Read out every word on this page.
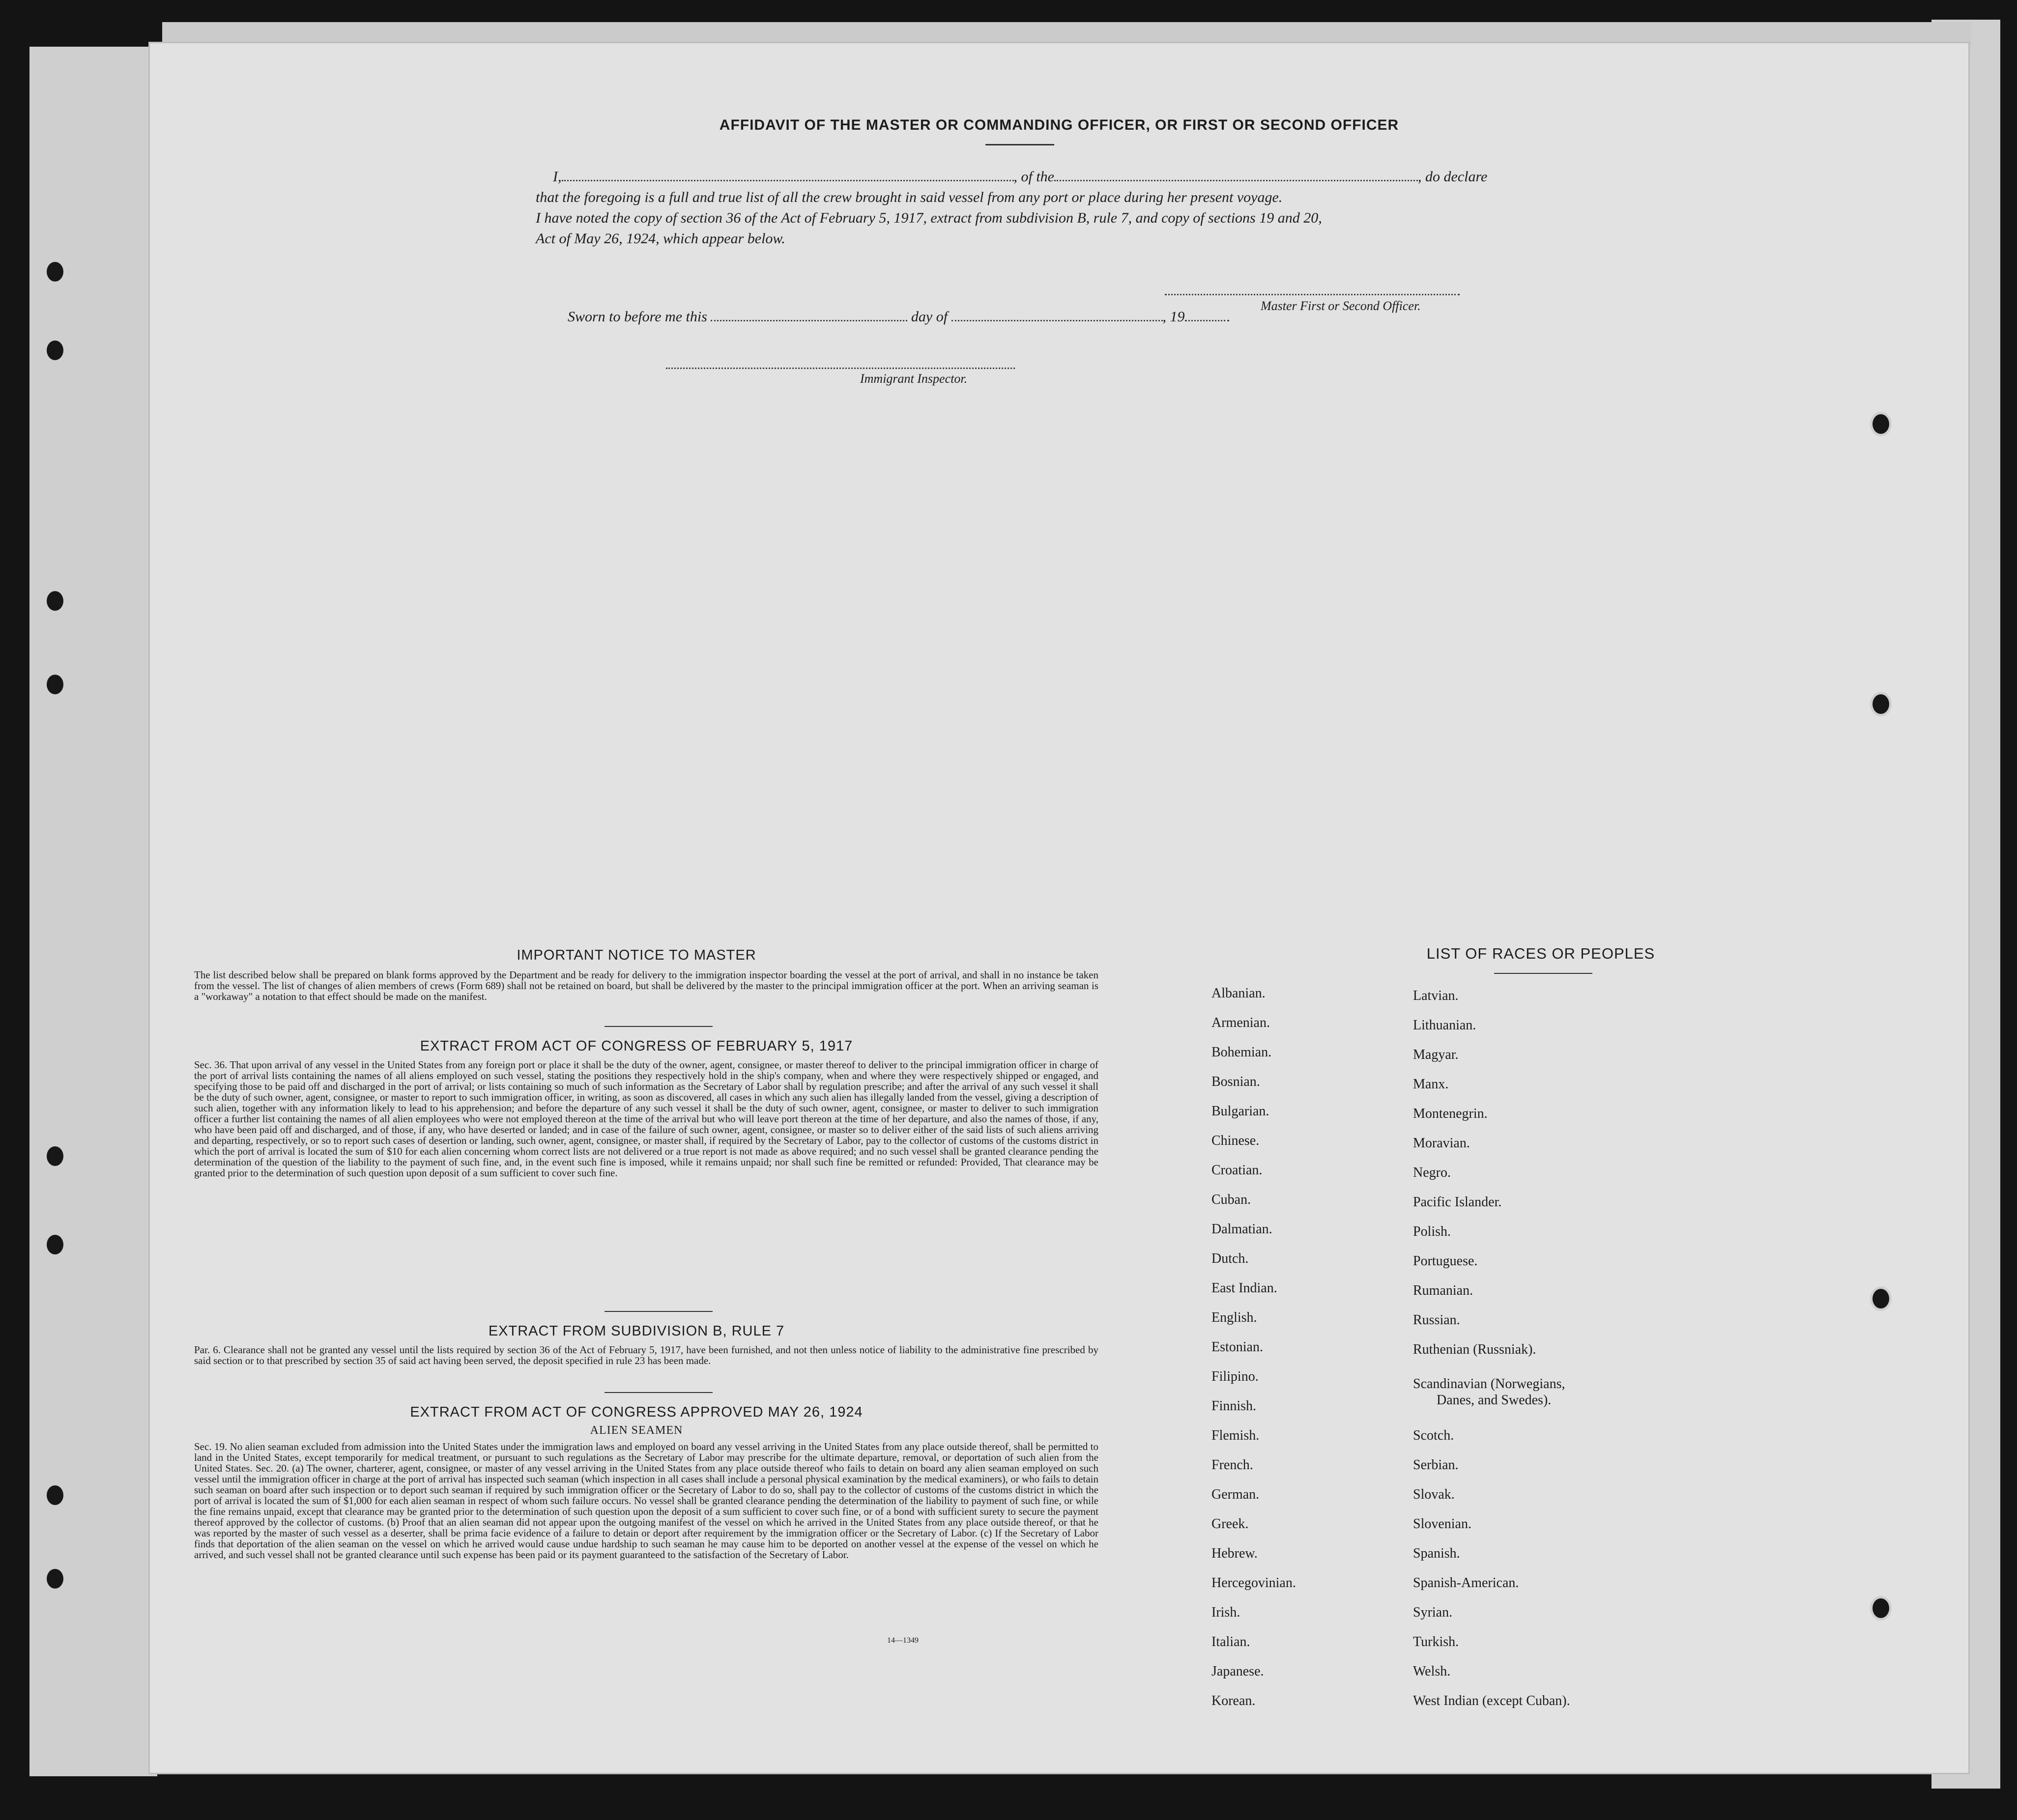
AFFIDAVIT OF THE MASTER OR COMMANDING OFFICER, OR FIRST OR SECOND OFFICER
I,	, of the	, do declare
that the foregoing is a full and true list of all the crew brought in said vessel from any port or place during her present voyage.
I have noted the copy of section 36 of the Act of February 5, 1917, extract from subdivision B, rule 7, and copy of sections 19 and 20,
Act of May 26, 1924, which appear below.
Master First or Second Officer.
Sworn to before me this	day of	, 19
Immigrant Inspector.
IMPORTANT NOTICE TO MASTER
The list described below shall be prepared on blank forms approved by the Department and be ready for delivery to the immigration inspector boarding the vessel at the port of arrival, and shall in no instance be taken from the vessel. The list of changes of alien members of crews (Form 689) shall not be retained on board, but shall be delivered by the master to the principal immigration officer at the port. When an arriving seaman is a "workaway" a notation to that effect should be made on the manifest.
EXTRACT FROM ACT OF CONGRESS OF FEBRUARY 5, 1917
Sec. 36. That upon arrival of any vessel in the United States from any foreign port or place it shall be the duty of the owner, agent, consignee, or master thereof to deliver to the principal immigration officer in charge of the port of arrival lists containing the names of all aliens employed on such vessel, stating the positions they respectively hold in the ship's company, when and where they were respectively shipped or engaged, and specifying those to be paid off and discharged in the port of arrival; or lists containing so much of such information as the Secretary of Labor shall by regulation prescribe; and after the arrival of any such vessel it shall be the duty of such owner, agent, consignee, or master to report to such immigration officer, in writing, as soon as discovered, all cases in which any such alien has illegally landed from the vessel, giving a description of such alien, together with any information likely to lead to his apprehension; and before the departure of any such vessel it shall be the duty of such owner, agent, consignee, or master to deliver to such immigration officer a further list containing the names of all alien employees who were not employed thereon at the time of the arrival but who will leave port thereon at the time of her departure, and also the names of those, if any, who have been paid off and discharged, and of those, if any, who have deserted or landed; and in case of the failure of such owner, agent, consignee, or master so to deliver either of the said lists of such aliens arriving and departing, respectively, or so to report such cases of desertion or landing, such owner, agent, consignee, or master shall, if required by the Secretary of Labor, pay to the collector of customs of the customs district in which the port of arrival is located the sum of $10 for each alien concerning whom correct lists are not delivered or a true report is not made as above required; and no such vessel shall be granted clearance pending the determination of the question of the liability to the payment of such fine, and, in the event such fine is imposed, while it remains unpaid; nor shall such fine be remitted or refunded: Provided, That clearance may be granted prior to the determination of such question upon deposit of a sum sufficient to cover such fine.
EXTRACT FROM SUBDIVISION B, RULE 7
Par. 6. Clearance shall not be granted any vessel until the lists required by section 36 of the Act of February 5, 1917, have been furnished, and not then unless notice of liability to the administrative fine prescribed by said section or to that prescribed by section 35 of said act having been served, the deposit specified in rule 23 has been made.
EXTRACT FROM ACT OF CONGRESS APPROVED MAY 26, 1924
ALIEN SEAMEN
Sec. 19. No alien seaman excluded from admission into the United States under the immigration laws and employed on board any vessel arriving in the United States from any place outside thereof, shall be permitted to land in the United States, except temporarily for medical treatment, or pursuant to such regulations as the Secretary of Labor may prescribe for the ultimate departure, removal, or deportation of such alien from the United States. Sec. 20. (a) The owner, charterer, agent, consignee, or master of any vessel arriving in the United States from any place outside thereof who fails to detain on board any alien seaman employed on such vessel until the immigration officer in charge at the port of arrival has inspected such seaman (which inspection in all cases shall include a personal physical examination by the medical examiners), or who fails to detain such seaman on board after such inspection or to deport such seaman if required by such immigration officer or the Secretary of Labor to do so, shall pay to the collector of customs of the customs district in which the port of arrival is located the sum of $1,000 for each alien seaman in respect of whom such failure occurs. No vessel shall be granted clearance pending the determination of the liability to payment of such fine, or while the fine remains unpaid, except that clearance may be granted prior to the determination of such question upon the deposit of a sum sufficient to cover such fine, or of a bond with sufficient surety to secure the payment thereof approved by the collector of customs. (b) Proof that an alien seaman did not appear upon the outgoing manifest of the vessel on which he arrived in the United States from any place outside thereof, or that he was reported by the master of such vessel as a deserter, shall be prima facie evidence of a failure to detain or deport after requirement by the immigration officer or the Secretary of Labor. (c) If the Secretary of Labor finds that deportation of the alien seaman on the vessel on which he arrived would cause undue hardship to such seaman he may cause him to be deported on another vessel at the expense of the vessel on which he arrived, and such vessel shall not be granted clearance until such expense has been paid or its payment guaranteed to the satisfaction of the Secretary of Labor.
14—1349
LIST OF RACES OR PEOPLES
Albanian.
Armenian.
Bohemian.
Bosnian.
Bulgarian.
Chinese.
Croatian.
Cuban.
Dalmatian.
Dutch.
East Indian.
English.
Estonian.
Filipino.
Finnish.
Flemish.
French.
German.
Greek.
Hebrew.
Hercegovinian.
Irish.
Italian.
Japanese.
Korean.
Latvian.
Lithuanian.
Magyar.
Manx.
Montenegrin.
Moravian.
Negro.
Pacific Islander.
Polish.
Portuguese.
Rumanian.
Russian.
Ruthenian (Russniak).
Scandinavian (Norwegians,
Danes, and Swedes).
Scotch.
Serbian.
Slovak.
Slovenian.
Spanish.
Spanish-American.
Syrian.
Turkish.
Welsh.
West Indian (except Cuban).
